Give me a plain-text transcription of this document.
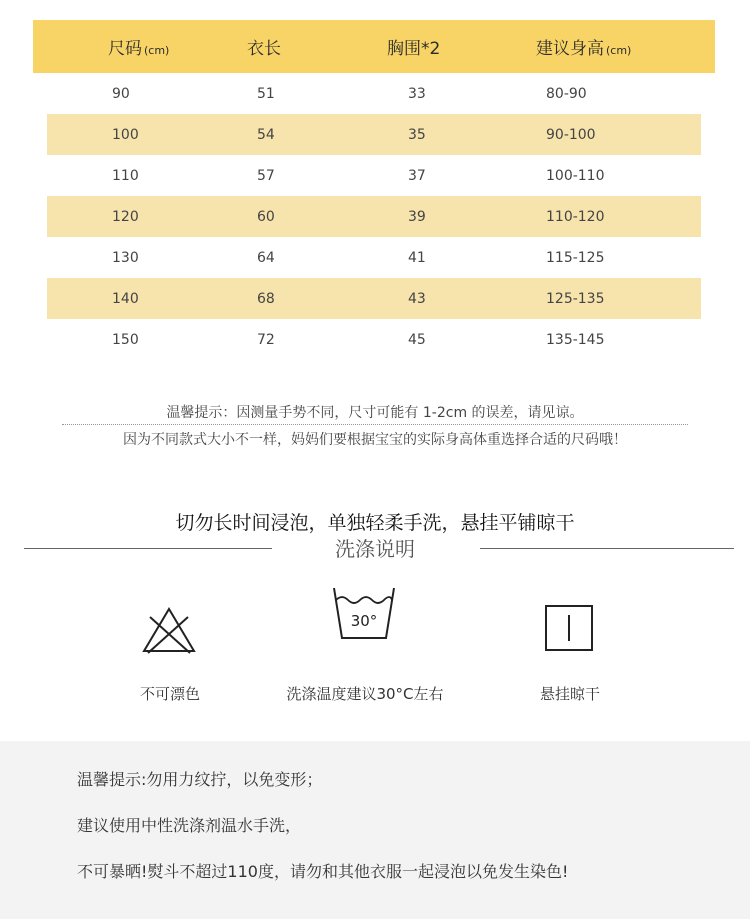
尺码 (cm)	衣长	胸围*2	建议身高 (cm)
90	51	33	80-90
100	54	35	90-100
110	57	37	100-110
120	60	39	110-120
130	64	41	115-125
140	68	43	125-135
150	72	45	135-145
温馨提示：因测量手势不同，尺寸可能有 1-2cm 的误差，请见谅。
因为不同款式大小不一样，妈妈们要根据宝宝的实际身高体重选择合适的尺码哦！
切勿长时间浸泡，单独轻柔手洗，悬挂平铺晾干
洗涤说明
不可漂色
30°
洗涤温度建议30°C左右	悬挂晾干
温馨提示:勿用力纹拧，以免变形；
建议使用中性洗涤剂温水手洗，
不可暴晒!熨斗不超过110度，请勿和其他衣服一起浸泡以免发生染色!
